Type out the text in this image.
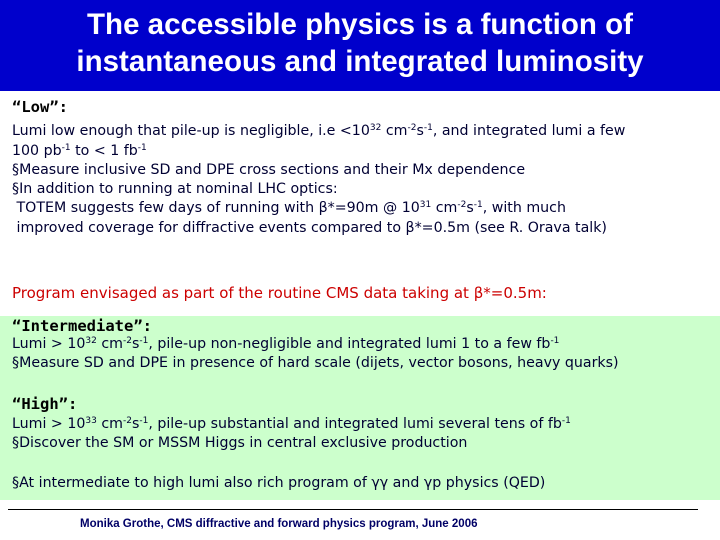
The accessible physics is a function of
instantaneous and integrated luminosity
“Low”:
Lumi low enough that pile-up is negligible, $i.e <10^{32}$ $cm^{-2}s^{-1}$, and integrated lumi a few
100 $pb^{-1}$ to < 1 $fb^{-1}$
§Measure inclusive SD and DPE cross sections and their Mx dependence
§In addition to running at nominal LHC optics:
TOTEM suggests few days of running with β*=90m @ $10^{31}$ $cm^{-2}s^{-1}$, with much
improved coverage for diffractive events compared to β*=0.5m (see R. Orava talk)
Program envisaged as part of the routine CMS data taking at β*=0.5m:
“Intermediate”:
Lumi > $10^{32}$ $cm^{-2}s^{-1}$, pile-up non-negligible and integrated lumi 1 to a few $fb^{-1}$
§Measure SD and DPE in presence of hard scale (dijets, vector bosons, heavy quarks)
“High”:
Lumi > $10^{33}$ $cm^{-2}s^{-1}$, pile-up substantial and integrated lumi several tens of $fb^{-1}$
§Discover the SM or MSSM Higgs in central exclusive production
§At intermediate to high lumi also rich program of γγ and γp physics (QED)
Monika Grothe, CMS diffractive and forward physics program, June 2006
